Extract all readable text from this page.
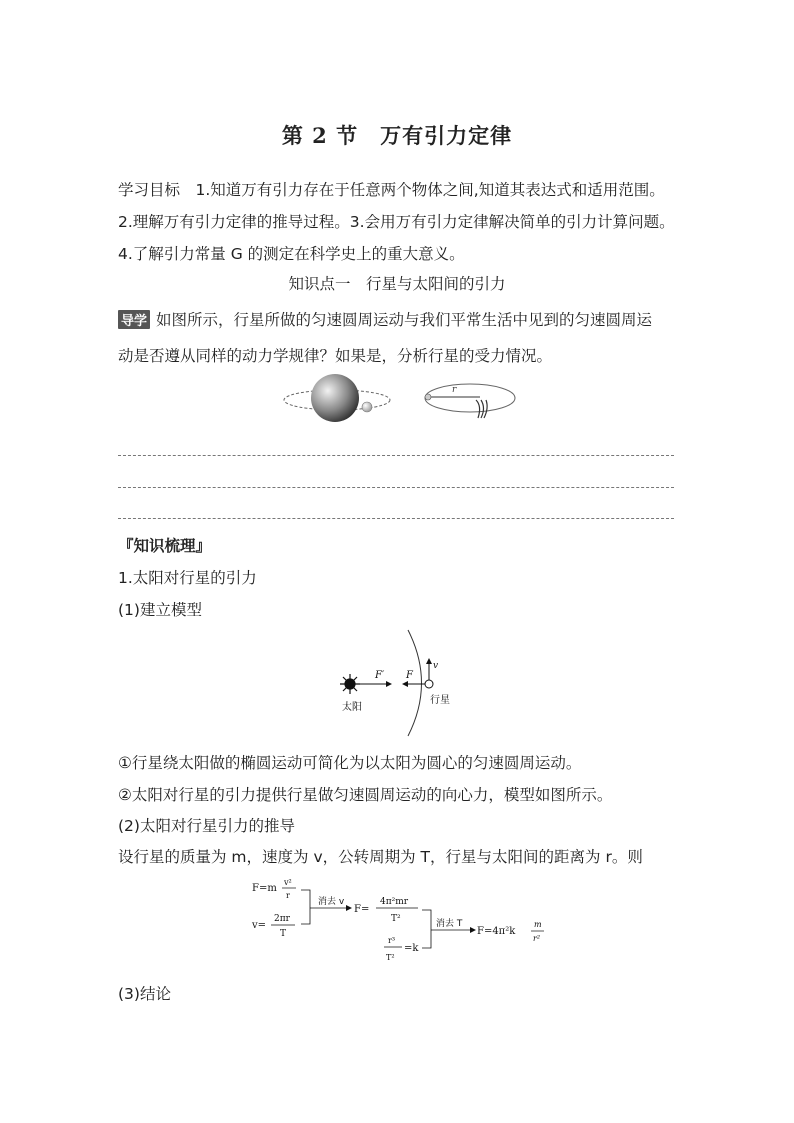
第 2 节　万有引力定律
学习目标　1.知道万有引力存在于任意两个物体之间,知道其表达式和适用范围。
2.理解万有引力定律的推导过程。3.会用万有引力定律解决简单的引力计算问题。
4.了解引力常量 G 的测定在科学史上的重大意义。
知识点一　行星与太阳间的引力
导学 如图所示，行星所做的匀速圆周运动与我们平常生活中见到的匀速圆周运
动是否遵从同样的动力学规律？如果是，分析行星的受力情况。
r
『知识梳理』
1.太阳对行星的引力
(1)建立模型
F′ F
v
太阳
行星
①行星绕太阳做的椭圆运动可简化为以太阳为圆心的匀速圆周运动。
②太阳对行星的引力提供行星做匀速圆周运动的向心力，模型如图所示。
(2)太阳对行星引力的推导
设行星的质量为 m，速度为 v，公转周期为 T，行星与太阳间的距离为 r。则
F=m
v²
r
v=
2πr
T
消去 v
F=
4π²mr
T²
r³
T²
=k
消去 T
F=4π²k
m
r²
(3)结论
